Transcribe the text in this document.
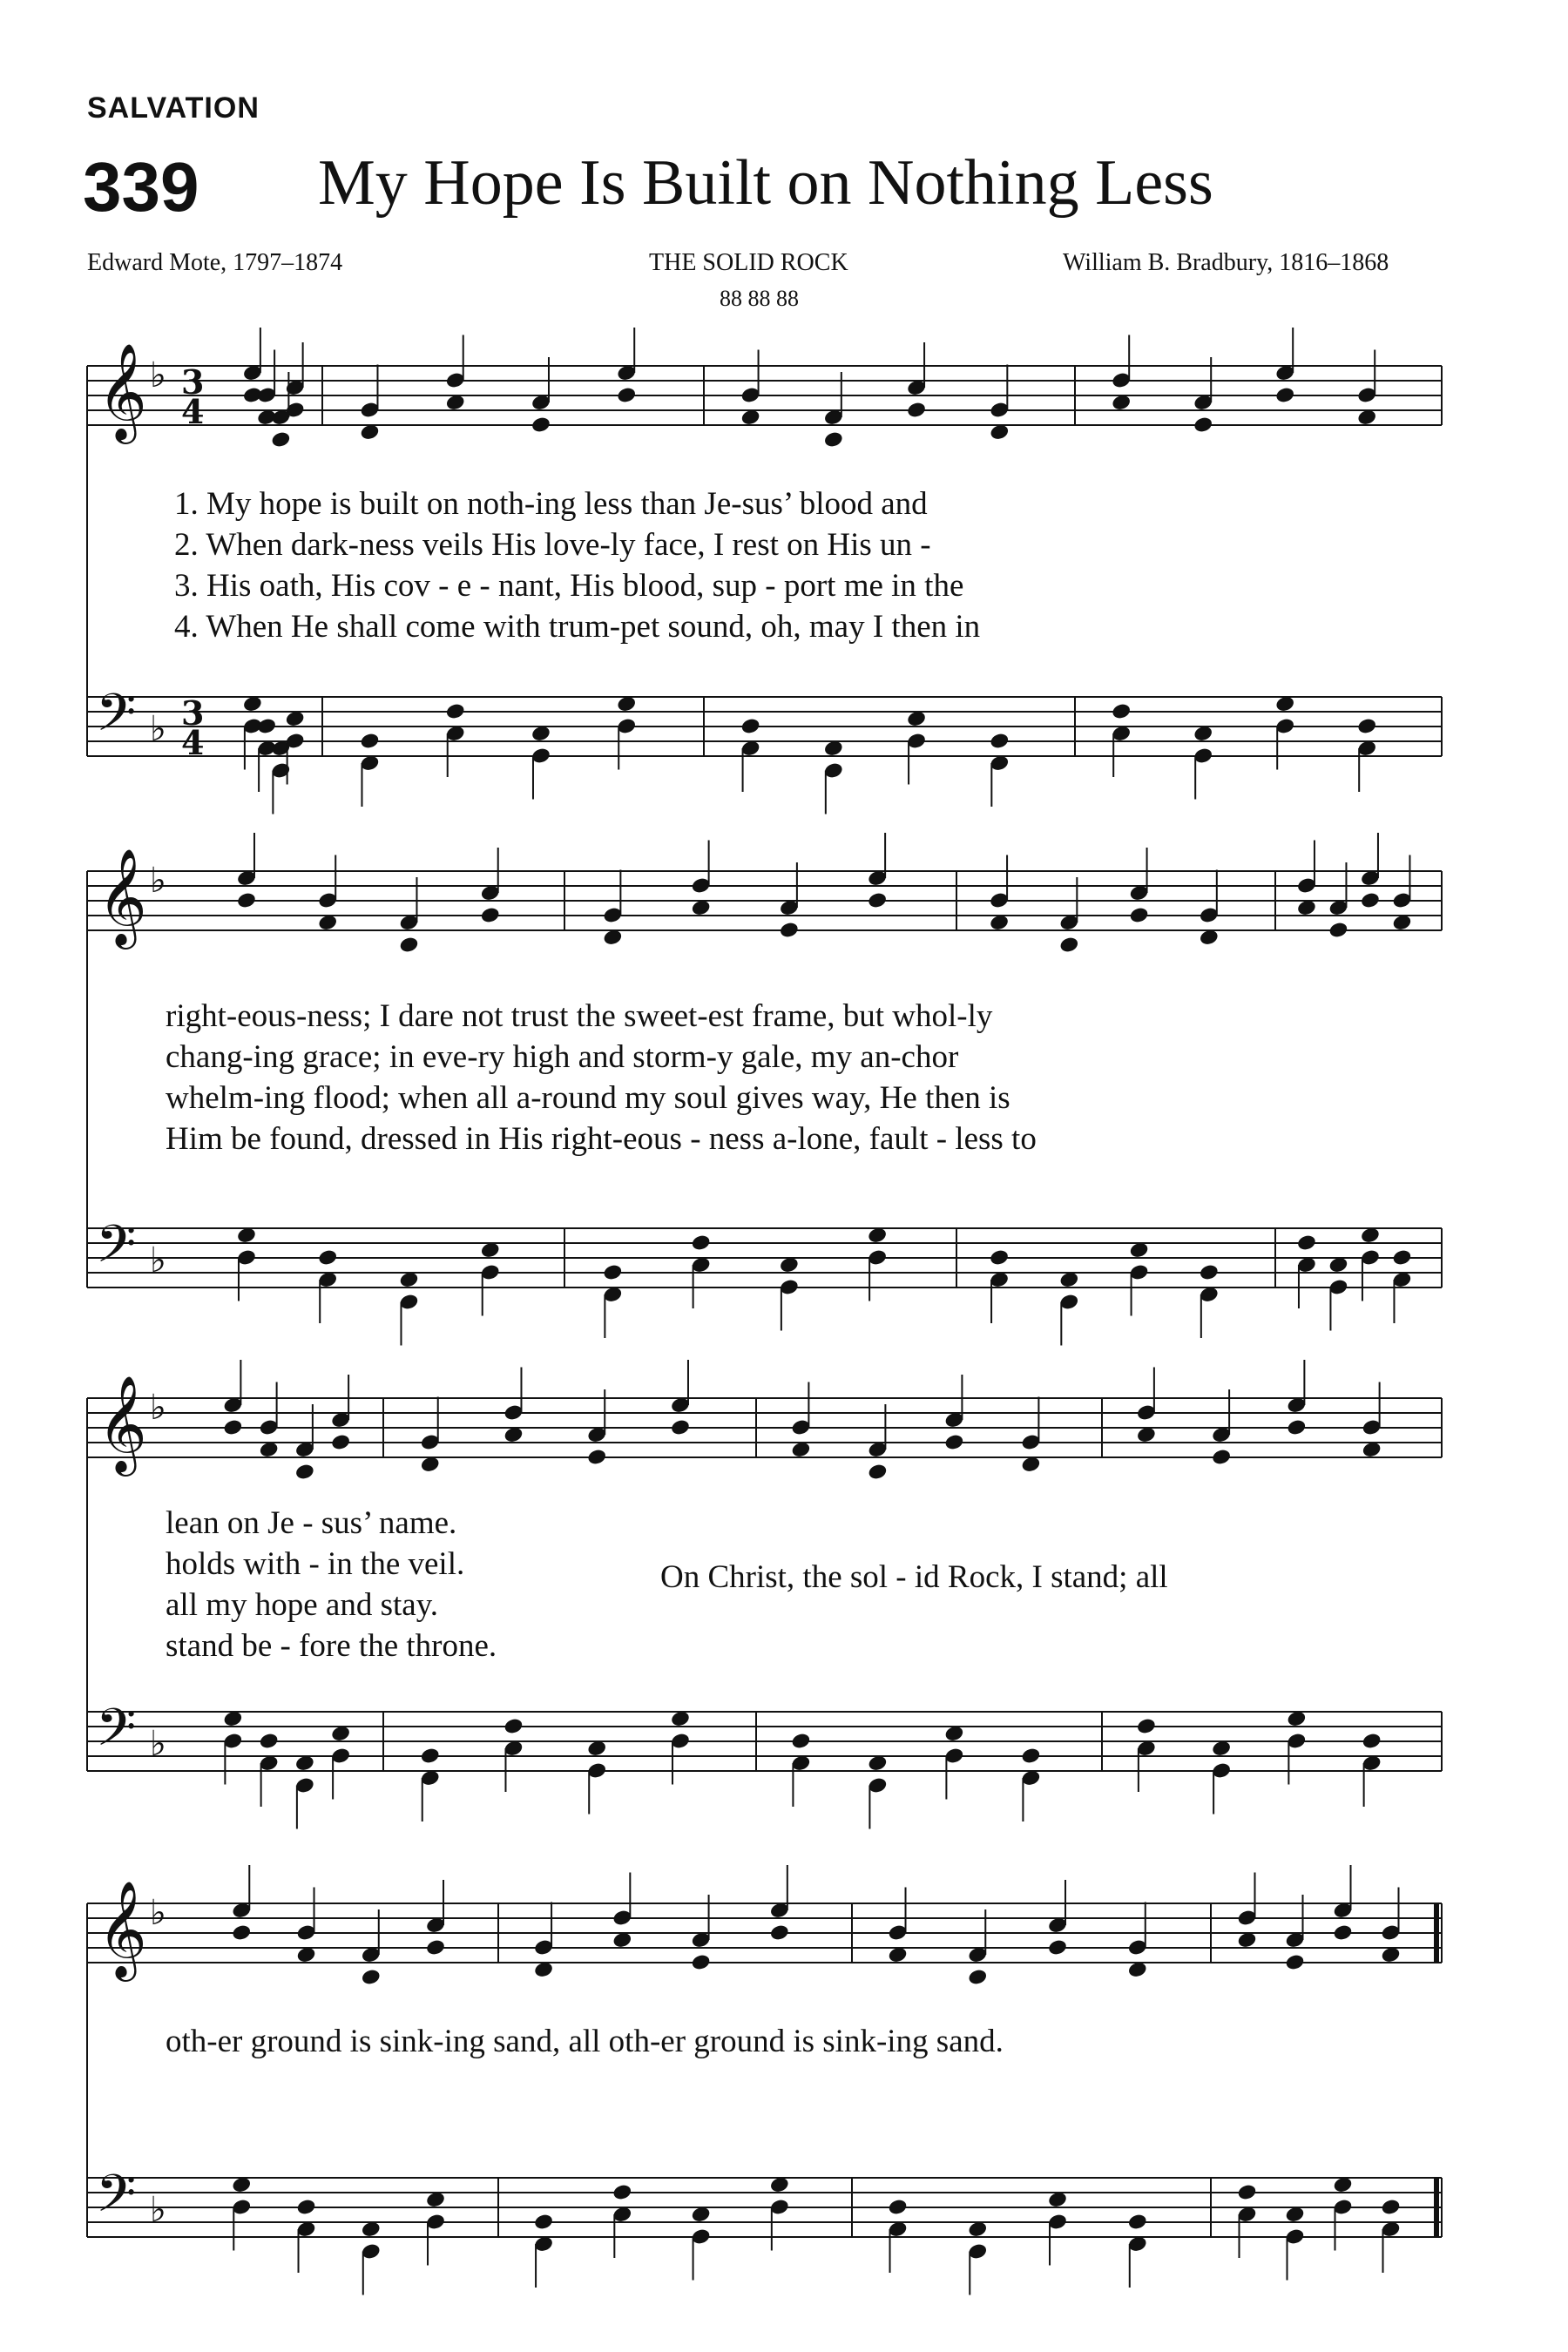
SALVATION
339 My Hope Is Built on Nothing Less
Edward Mote, 1797–1874	THE SOLID ROCK	William B. Bradbury, 1816–1868
88 88 88
𝄞
𝄢
♭
♭
3
4
3
4
1. My hope is built on noth-ing less than Je-sus’ blood and
2. When dark-ness veils His love-ly face, I rest on His un -
3. His oath, His cov - e - nant, His blood, sup - port me in the
4. When He shall come with trum-pet sound, oh, may I then in
𝄞
𝄢
♭
♭
right-eous-ness; I dare not trust the sweet-est frame, but whol-ly
chang-ing grace; in eve-ry high and storm-y gale, my an-chor
whelm-ing flood; when all a-round my soul gives way, He then is
Him be found, dressed in His right-eous - ness a-lone, fault - less to
𝄞
𝄢
♭
♭
lean on Je - sus’ name.
holds with - in the veil.
all my hope and stay.
stand be - fore the throne.
On Christ, the sol - id Rock, I stand; all
𝄞
𝄢
♭
♭
oth-er ground is sink-ing sand, all oth-er ground is sink-ing sand.
